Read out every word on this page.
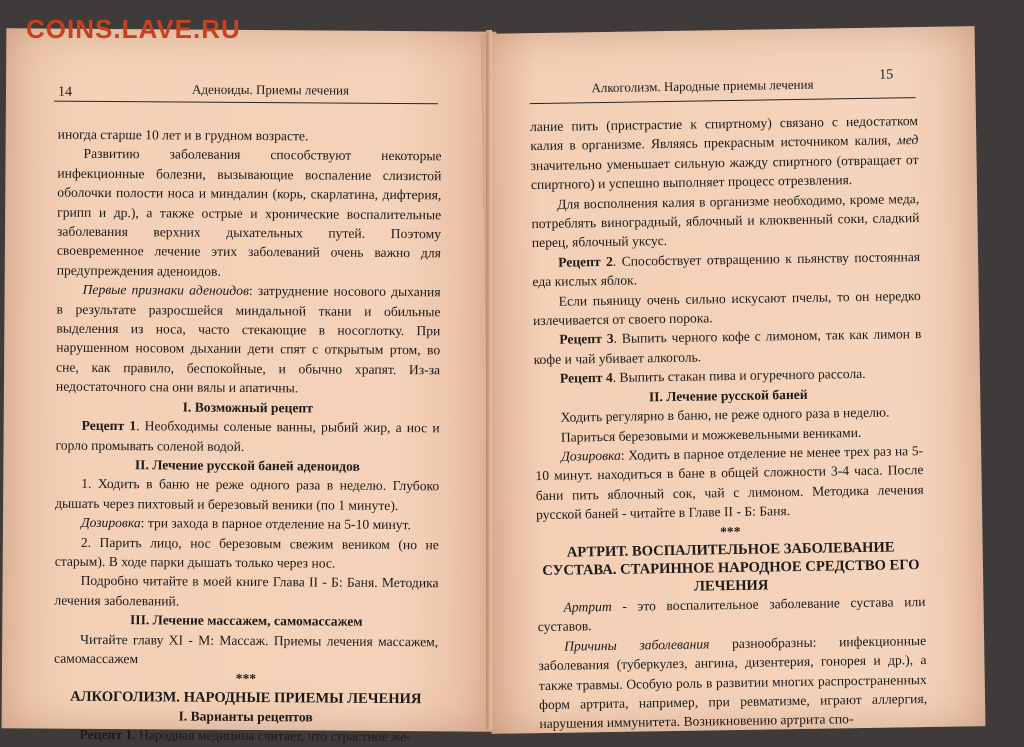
COINS.LAVE.RU
14	Аденоиды. Приемы лечения

иногда старше 10 лет и в грудном возрасте.

Развитию заболевания способствуют некоторые инфекционные болезни, вызывающие воспаление слизистой оболочки полости носа и миндалин (корь, скарлатина, дифтерия, грипп и др.), а также острые и хронические воспалительные заболевания верхних дыхательных путей. Поэтому своевременное лечение этих заболеваний очень важно для предупреждения аденоидов.

Первые признаки аденоидов: затруднение носового дыхания в результате разросшейся миндальной ткани и обильные выделения из носа, часто стекающие в носоглотку. При нарушенном носовом дыхании дети спят с открытым ртом, во сне, как правило, беспокойные, и обычно храпят. Из-за недостаточного сна они вялы и апатичны.

I. Возможный рецепт

Рецепт 1. Необходимы соленые ванны, рыбий жир, а нос и горло промывать соленой водой.

II. Лечение русской баней аденоидов

1. Ходить в баню не реже одного раза в неделю. Глубоко дышать через пихтовый и березовый веники (по 1 минуте).

Дозировка: три захода в парное отделение на 5-10 минут.

2. Парить лицо, нос березовым свежим веником (но не старым). В ходе парки дышать только через нос.

Подробно читайте в моей книге Глава II - Б: Баня. Методика лечения заболеваний.

III. Лечение массажем, самомассажем

Читайте главу XI - М: Массаж. Приемы лечения массажем, самомассажем

***

АЛКОГОЛИЗМ. НАРОДНЫЕ ПРИЕМЫ ЛЕЧЕНИЯ

I. Варианты рецептов

Рецепт 1. Народная медицина считает, что страстное же-

Алкоголизм. Народные приемы лечения
15

лание пить (пристрастие к спиртному) связано с недостатком калия в организме. Являясь прекрасным источником калия, мед значительно уменьшает сильную жажду спиртного (отвращает от спиртного) и успешно выполняет процесс отрезвления.

Для восполнения калия в организме необходимо, кроме меда, потреблять виноградный, яблочный и клюквенный соки, сладкий перец, яблочный уксус.

Рецепт 2. Способствует отвращению к пьянству постоянная еда кислых яблок.

Если пьяницу очень сильно искусают пчелы, то он нередко излечивается от своего порока.

Рецепт 3. Выпить черного кофе с лимоном, так как лимон в кофе и чай убивает алкоголь.

Рецепт 4. Выпить стакан пива и огуречного рассола.

II. Лечение русской баней

Ходить регулярно в баню, не реже одного раза в неделю.

Париться березовыми и можжевельными вениками.

Дозировка: Ходить в парное отделение не менее трех раз на 5-10 минут. находиться в бане в общей сложности 3-4 часа. После бани пить яблочный сок, чай с лимоном. Методика лечения русской баней - читайте в Главе II - Б: Баня.

***

АРТРИТ. ВОСПАЛИТЕЛЬНОЕ ЗАБОЛЕВАНИЕ СУСТАВА. СТАРИННОЕ НАРОДНОЕ СРЕДСТВО ЕГО ЛЕЧЕНИЯ

Артрит - это воспалительное заболевание сустава или суставов.

Причины заболевания разнообразны: инфекционные заболевания (туберкулез, ангина, дизентерия, гонорея и др.), а также травмы. Особую роль в развитии многих распространенных форм артрита, например, при ревматизме, играют аллергия, нарушения иммунитета. Возникновению артрита спо-
